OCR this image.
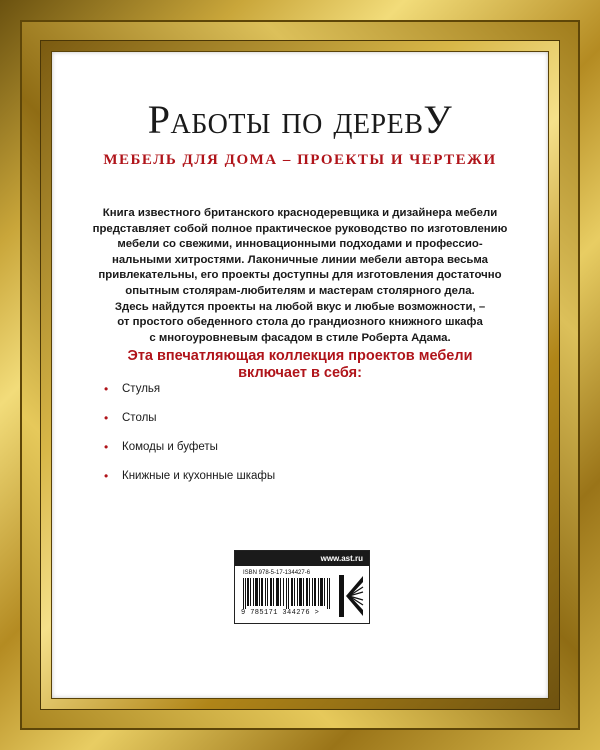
Работы по деревУ
МЕБЕЛЬ ДЛЯ ДОМА – ПРОЕКТЫ И ЧЕРТЕЖИ

Книга известного британского краснодеревщика и дизайнера мебели

представляет собой полное практическое руководство по изготовлению

мебели со свежими, инновационными подходами и профессио-

нальными хитростями. Лаконичные линии мебели автора весьма

привлекательны, его проекты доступны для изготовления достаточно

опытным столярам-любителям и мастерам столярного дела.

Здесь найдутся проекты на любой вкус и любые возможности, –

от простого обеденного стола до грандиозного книжного шкафа

с многоуровневым фасадом в стиле Роберта Адама.

Эта впечатляющая коллекция проектов мебели
включает в себя:
• Стулья
• Столы
• Комоды и буфеты
• Книжные и кухонные шкафы
www.ast.ru
ISBN 978-5-17-134427-6
9 785171 344276 >
